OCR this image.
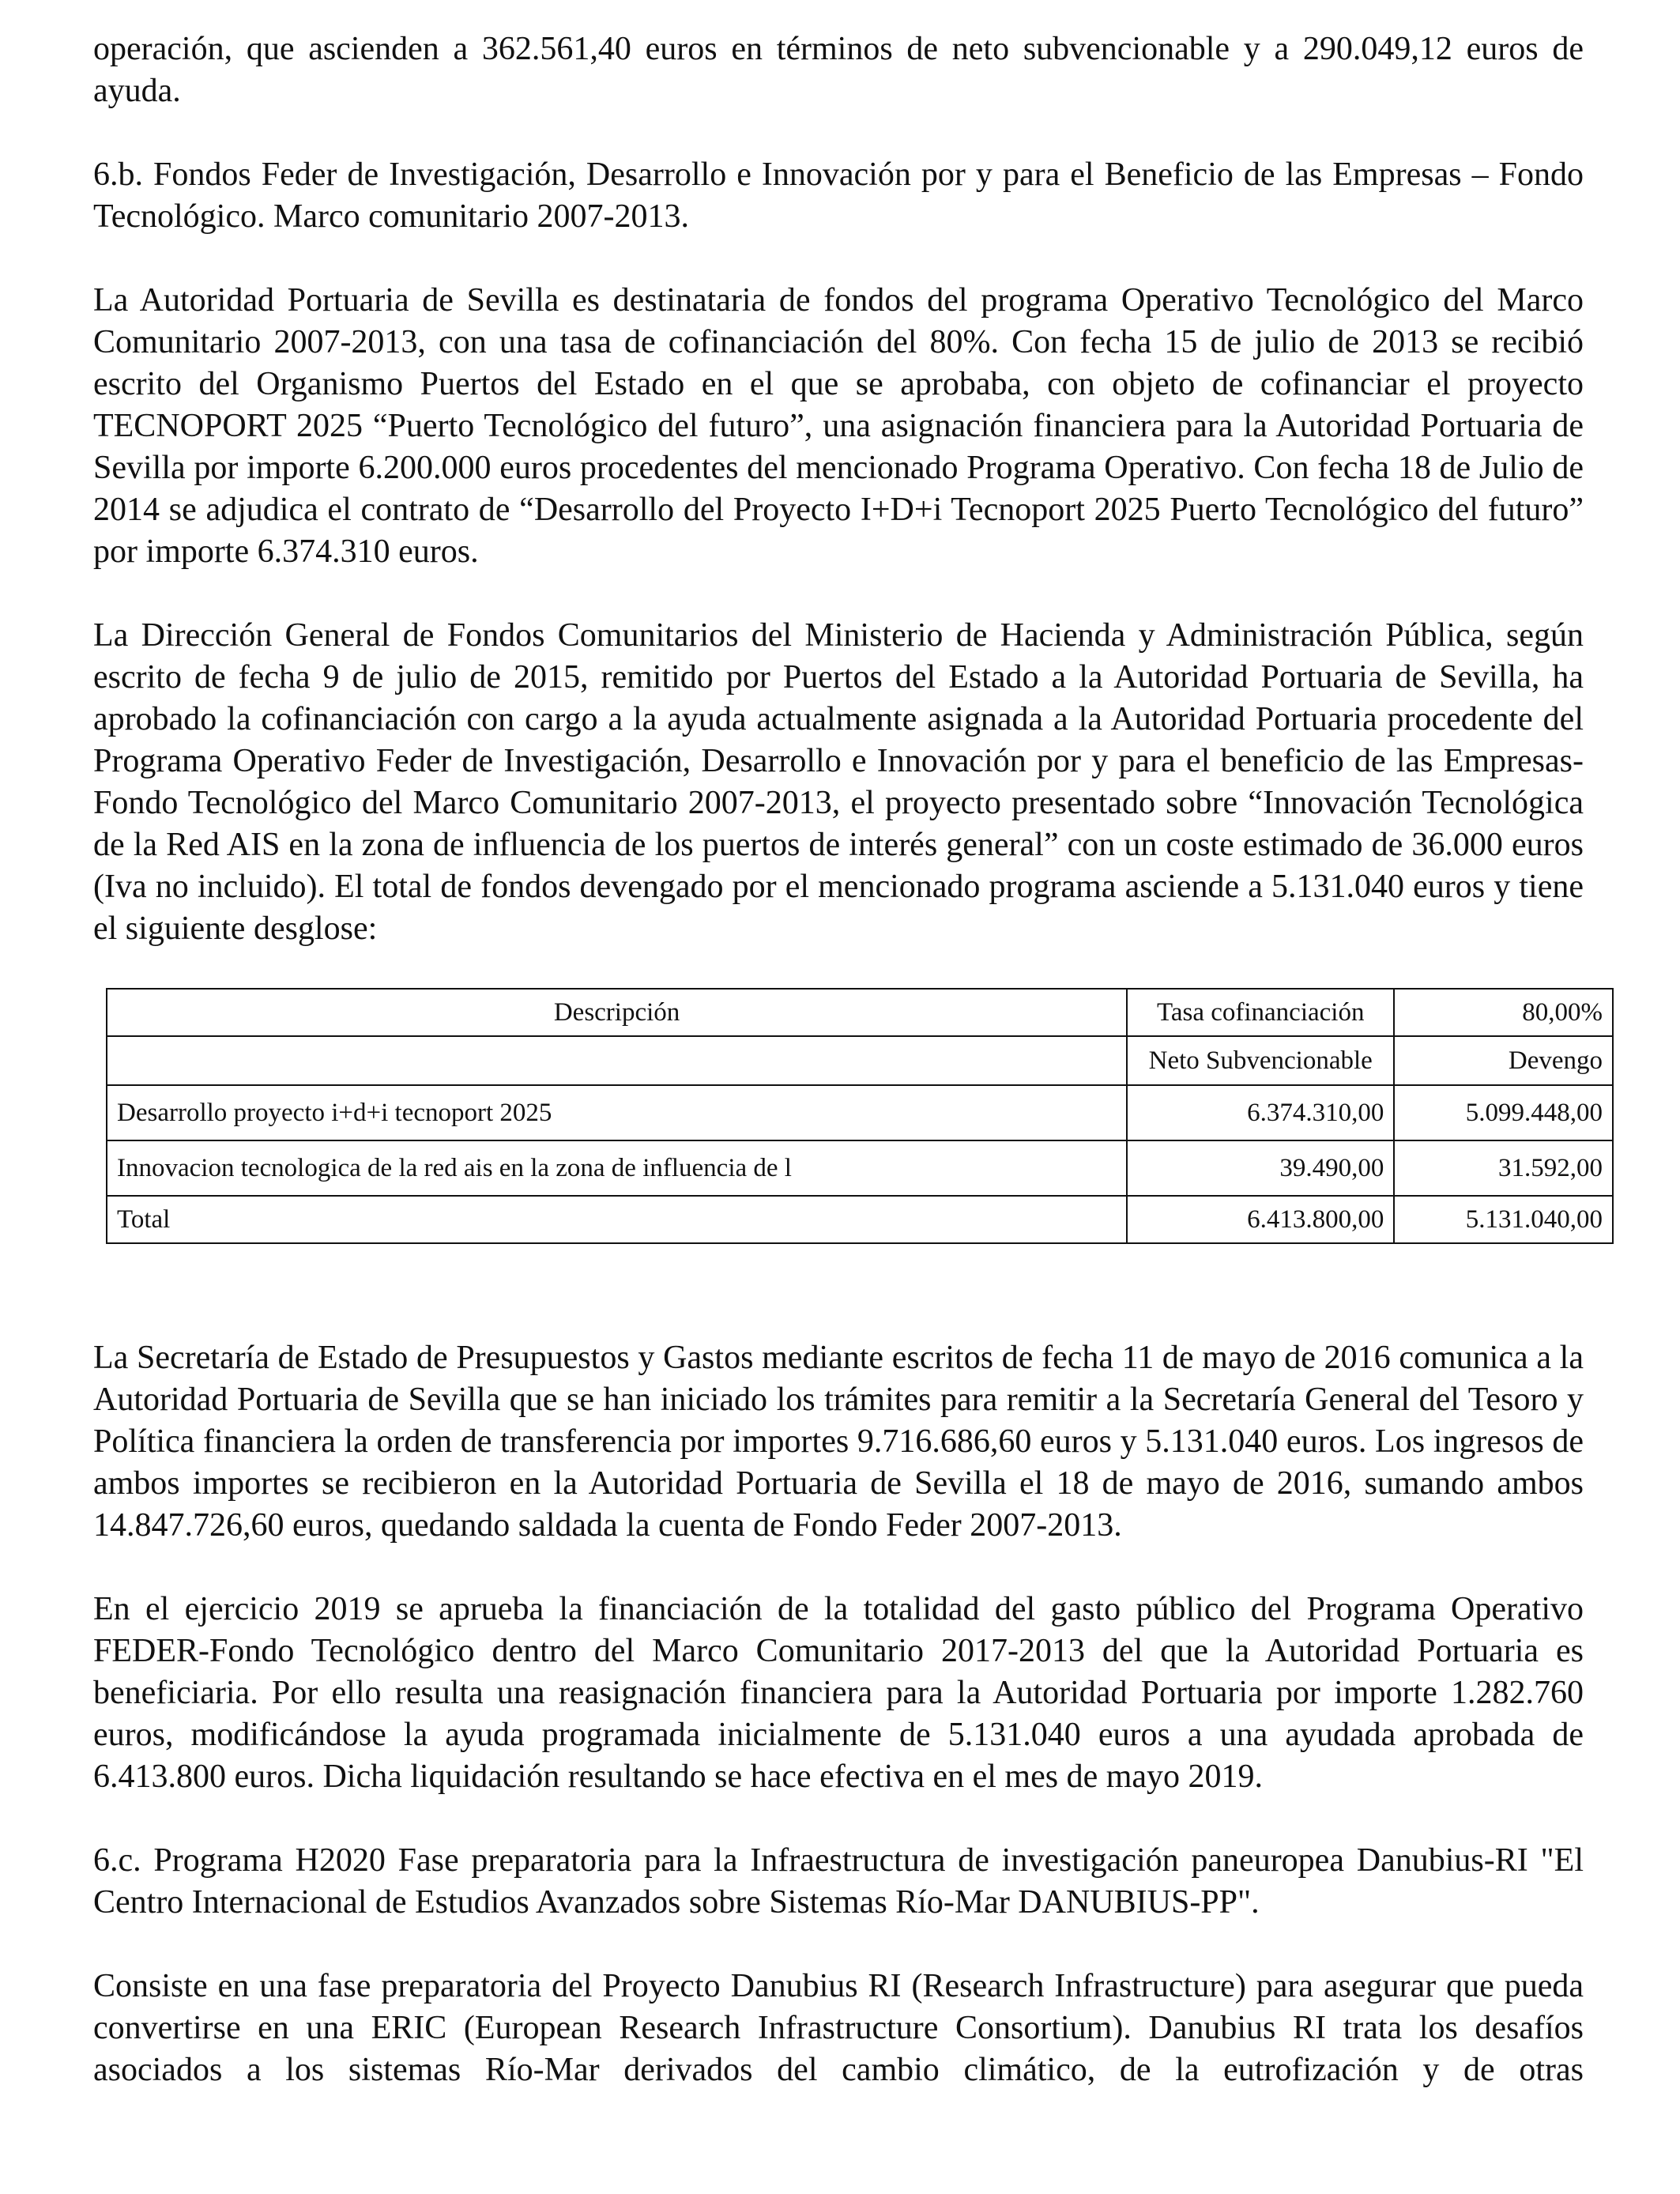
operación, que ascienden a 362.561,40 euros en términos de neto subvencionable y a 290.049,12 euros de ayuda.

6.b. Fondos Feder de Investigación, Desarrollo e Innovación por y para el Beneficio de las Empresas – Fondo Tecnológico. Marco comunitario 2007-2013.

La Autoridad Portuaria de Sevilla es destinataria de fondos del programa Operativo Tecnológico del Marco Comunitario 2007-2013, con una tasa de cofinanciación del 80%. Con fecha 15 de julio de 2013 se recibió escrito del Organismo Puertos del Estado en el que se aprobaba, con objeto de cofinanciar el proyecto TECNOPORT 2025 “Puerto Tecnológico del futuro”, una asignación financiera para la Autoridad Portuaria de Sevilla por importe 6.200.000 euros procedentes del mencionado Programa Operativo. Con fecha 18 de Julio de 2014 se adjudica el contrato de “Desarrollo del Proyecto I+D+i Tecnoport 2025 Puerto Tecnológico del futuro” por importe 6.374.310 euros.

La Dirección General de Fondos Comunitarios del Ministerio de Hacienda y Administración Pública, según escrito de fecha 9 de julio de 2015, remitido por Puertos del Estado a la Autoridad Portuaria de Sevilla, ha aprobado la cofinanciación con cargo a la ayuda actualmente asignada a la Autoridad Portuaria procedente del Programa Operativo Feder de Investigación, Desarrollo e Innovación por y para el beneficio de las Empresas-Fondo Tecnológico del Marco Comunitario 2007-2013, el proyecto presentado sobre “Innovación Tecnológica de la Red AIS en la zona de influencia de los puertos de interés general” con un coste estimado de 36.000 euros (Iva no incluido). El total de fondos devengado por el mencionado programa asciende a 5.131.040 euros y tiene el siguiente desglose:

Descripción	Tasa cofinanciación	80,00%
	Neto Subvencionable	Devengo
Desarrollo proyecto i+d+i tecnoport 2025	6.374.310,00	5.099.448,00
Innovacion tecnologica de la red ais en la zona de influencia de l	39.490,00	31.592,00
Total	6.413.800,00	5.131.040,00

La Secretaría de Estado de Presupuestos y Gastos mediante escritos de fecha 11 de mayo de 2016 comunica a la Autoridad Portuaria de Sevilla que se han iniciado los trámites para remitir a la Secretaría General del Tesoro y Política financiera la orden de transferencia por importes 9.716.686,60 euros y 5.131.040 euros. Los ingresos de ambos importes se recibieron en la Autoridad Portuaria de Sevilla el 18 de mayo de 2016, sumando ambos 14.847.726,60 euros, quedando saldada la cuenta de Fondo Feder 2007-2013.

En el ejercicio 2019 se aprueba la financiación de la totalidad del gasto público del Programa Operativo FEDER-Fondo Tecnológico dentro del Marco Comunitario 2017-2013 del que la Autoridad Portuaria es beneficiaria. Por ello resulta una reasignación financiera para la Autoridad Portuaria por importe 1.282.760 euros, modificándose la ayuda programada inicialmente de 5.131.040 euros a una ayudada aprobada de 6.413.800 euros. Dicha liquidación resultando se hace efectiva en el mes de mayo 2019.

6.c. Programa H2020 Fase preparatoria para la Infraestructura de investigación paneuropea Danubius-RI "El Centro Internacional de Estudios Avanzados sobre Sistemas Río-Mar DANUBIUS-PP".

Consiste en una fase preparatoria del Proyecto Danubius RI (Research Infrastructure) para asegurar que pueda convertirse en una ERIC (European Research Infrastructure Consortium). Danubius RI trata los desafíos asociados a los sistemas Río-Mar derivados del cambio climático, de la eutrofización y de otras
